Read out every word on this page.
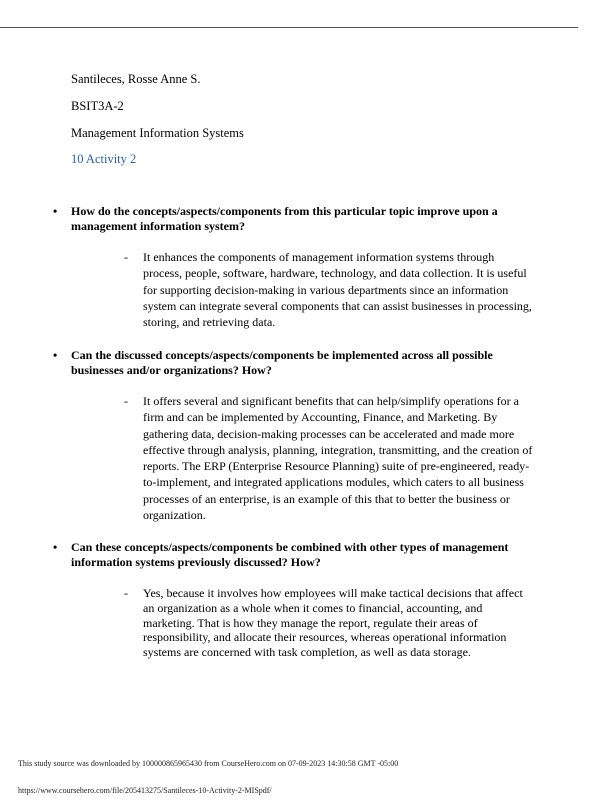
Santileces, Rosse Anne S.
BSIT3A-2
Management Information Systems
10 Activity 2
• How do the concepts/aspects/components from this particular topic improve upon a management information system?
- It enhances the components of management information systems through process, people, software, hardware, technology, and data collection. It is useful for supporting decision-making in various departments since an information system can integrate several components that can assist businesses in processing, storing, and retrieving data.
• Can the discussed concepts/aspects/components be implemented across all possible businesses and/or organizations? How?
- It offers several and significant benefits that can help/simplify operations for a firm and can be implemented by Accounting, Finance, and Marketing. By gathering data, decision-making processes can be accelerated and made more effective through analysis, planning, integration, transmitting, and the creation of reports. The ERP (Enterprise Resource Planning) suite of pre-engineered, ready-to-implement, and integrated applications modules, which caters to all business processes of an enterprise, is an example of this that to better the business or organization.
• Can these concepts/aspects/components be combined with other types of management information systems previously discussed? How?
- Yes, because it involves how employees will make tactical decisions that affect an organization as a whole when it comes to financial, accounting, and marketing. That is how they manage the report, regulate their areas of responsibility, and allocate their resources, whereas operational information systems are concerned with task completion, as well as data storage.
This study source was downloaded by 100000865965430 from CourseHero.com on 07-09-2023 14:30:58 GMT -05:00
https://www.coursehero.com/file/205413275/Santileces-10-Activity-2-MISpdf/
